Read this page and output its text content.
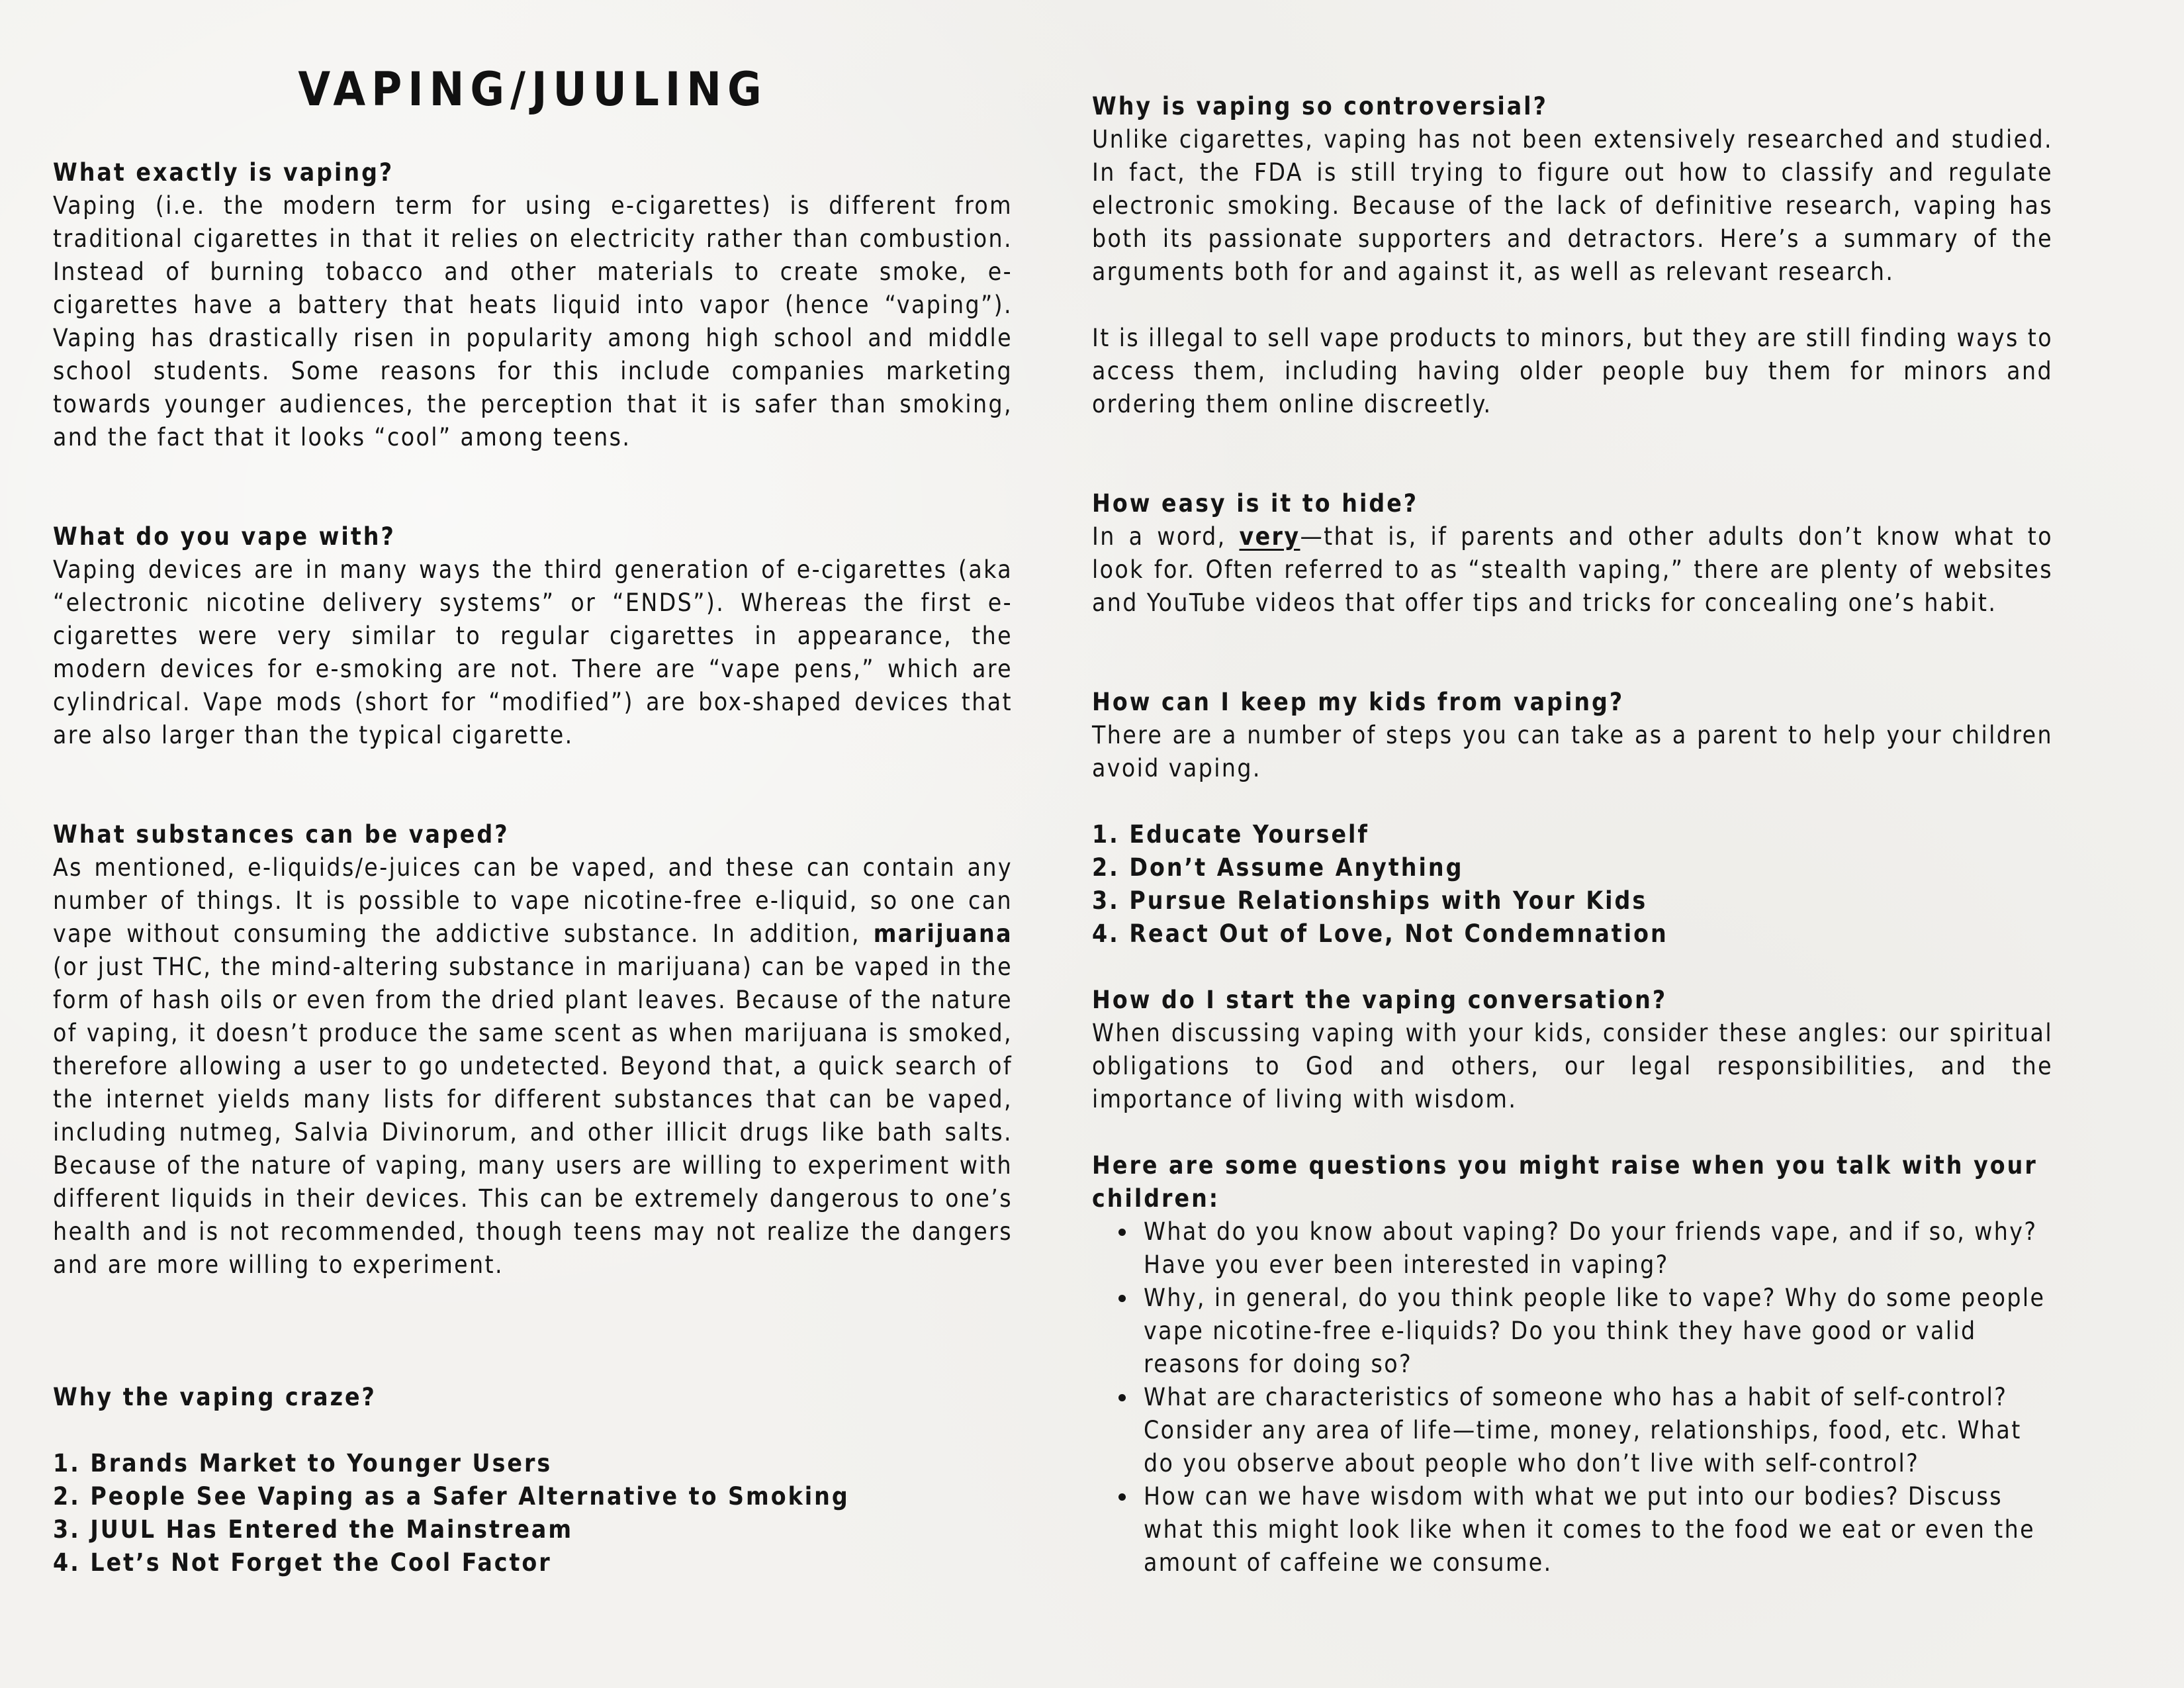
VAPING/JUULING

What exactly is vaping?

Vaping (i.e. the modern term for using e-cigarettes) is different from traditional cigarettes in that it relies on electricity rather than combustion. Instead of burning tobacco and other materials to create smoke, e-cigarettes have a battery that heats liquid into vapor (hence “vaping”). Vaping has drastically risen in popularity among high school and middle school students. Some reasons for this include companies marketing towards younger audiences, the perception that it is safer than smoking, and the fact that it looks “cool” among teens.

What do you vape with?

Vaping devices are in many ways the third generation of e-cigarettes (aka “electronic nicotine delivery systems” or “ENDS”). Whereas the first e-cigarettes were very similar to regular cigarettes in appearance, the modern devices for e-smoking are not. There are “vape pens,” which are cylindrical. Vape mods (short for “modified”) are box-shaped devices that are also larger than the typical cigarette.

What substances can be vaped?

As mentioned, e-liquids/e-juices can be vaped, and these can contain any number of things. It is possible to vape nicotine-free e-liquid, so one can vape without consuming the addictive substance. In addition, marijuana (or just THC, the mind-altering substance in marijuana) can be vaped in the form of hash oils or even from the dried plant leaves. Because of the nature of vaping, it doesn’t produce the same scent as when marijuana is smoked, therefore allowing a user to go undetected. Beyond that, a quick search of the internet yields many lists for different substances that can be vaped, including nutmeg, Salvia Divinorum, and other illicit drugs like bath salts. Because of the nature of vaping, many users are willing to experiment with different liquids in their devices. This can be extremely dangerous to one’s health and is not recommended, though teens may not realize the dangers and are more willing to experiment.

Why the vaping craze?

1. Brands Market to Younger Users
2. People See Vaping as a Safer Alternative to Smoking
3. JUUL Has Entered the Mainstream
4. Let’s Not Forget the Cool Factor

Why is vaping so controversial?

Unlike cigarettes, vaping has not been extensively researched and studied. In fact, the FDA is still trying to figure out how to classify and regulate electronic smoking. Because of the lack of definitive research, vaping has both its passionate supporters and detractors. Here’s a summary of the arguments both for and against it, as well as relevant research.

It is illegal to sell vape products to minors, but they are still finding ways to access them, including having older people buy them for minors and ordering them online discreetly.

How easy is it to hide?

In a word, very—that is, if parents and other adults don’t know what to look for. Often referred to as “stealth vaping,” there are plenty of websites and YouTube videos that offer tips and tricks for concealing one’s habit.

How can I keep my kids from vaping?

There are a number of steps you can take as a parent to help your children avoid vaping.

1. Educate Yourself
2. Don’t Assume Anything
3. Pursue Relationships with Your Kids
4. React Out of Love, Not Condemnation

How do I start the vaping conversation?

When discussing vaping with your kids, consider these angles: our spiritual obligations to God and others, our legal responsibilities, and the importance of living with wisdom.

Here are some questions you might raise when you talk with your

children:

What do you know about vaping? Do your friends vape, and if so, why? Have you ever been interested in vaping?
Why, in general, do you think people like to vape? Why do some people vape nicotine-free e-liquids? Do you think they have good or valid reasons for doing so?
What are characteristics of someone who has a habit of self-control? Consider any area of life—time, money, relationships, food, etc. What do you observe about people who don’t live with self-control?
How can we have wisdom with what we put into our bodies? Discuss what this might look like when it comes to the food we eat or even the amount of caffeine we consume.
